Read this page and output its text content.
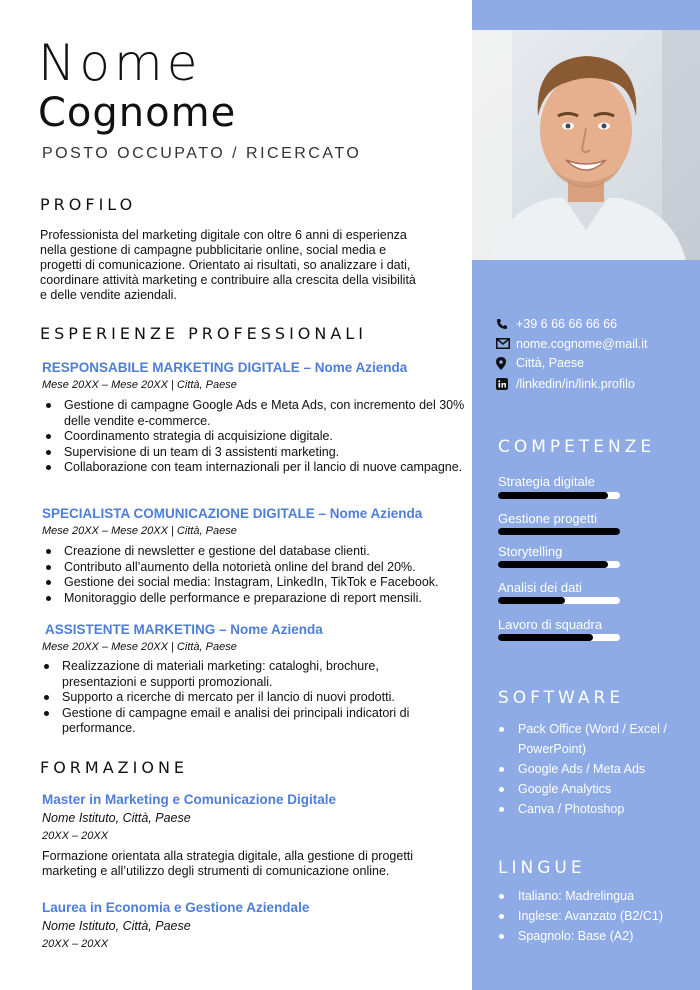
Nome
Cognome
POSTO OCCUPATO / RICERCATO
PROFILO
Professionista del marketing digitale con oltre 6 anni di esperienza
nella gestione di campagne pubblicitarie online, social media e
progetti di comunicazione. Orientato ai risultati, so analizzare i dati,
coordinare attività marketing e contribuire alla crescita della visibilità
e delle vendite aziendali.
ESPERIENZE PROFESSIONALI
RESPONSABILE MARKETING DIGITALE – Nome Azienda
Mese 20XX – Mese 20XX | Città, Paese
Gestione di campagne Google Ads e Meta Ads, con incremento del 30% delle vendite e-commerce.
Coordinamento strategia di acquisizione digitale.
Supervisione di un team di 3 assistenti marketing.
Collaborazione con team internazionali per il lancio di nuove campagne.
SPECIALISTA COMUNICAZIONE DIGITALE – Nome Azienda
Mese 20XX – Mese 20XX | Città, Paese
Creazione di newsletter e gestione del database clienti.
Contributo all’aumento della notorietà online del brand del 20%.
Gestione dei social media: Instagram, LinkedIn, TikTok e Facebook.
Monitoraggio delle performance e preparazione di report mensili.
ASSISTENTE MARKETING – Nome Azienda
Mese 20XX – Mese 20XX | Città, Paese
Realizzazione di materiali marketing: cataloghi, brochure, presentazioni e supporti promozionali.
Supporto a ricerche di mercato per il lancio di nuovi prodotti.
Gestione di campagne email e analisi dei principali indicatori di performance.
FORMAZIONE
Master in Marketing e Comunicazione Digitale
Nome Istituto, Città, Paese
20XX – 20XX
Formazione orientata alla strategia digitale, alla gestione di progetti
marketing e all’utilizzo degli strumenti di comunicazione online.
Laurea in Economia e Gestione Aziendale
Nome Istituto, Città, Paese
20XX – 20XX
+39 6 66 66 66 66
nome.cognome@mail.it
Città, Paese
/linkedin/in/link.profilo
COMPETENZE
Strategia digitale
Gestione progetti
Storytelling
Analisi dei dati
Lavoro di squadra
SOFTWARE
Pack Office (Word / Excel / PowerPoint)
Google Ads / Meta Ads
Google Analytics
Canva / Photoshop
LINGUE
Italiano: Madrelingua
Inglese: Avanzato (B2/C1)
Spagnolo: Base (A2)
